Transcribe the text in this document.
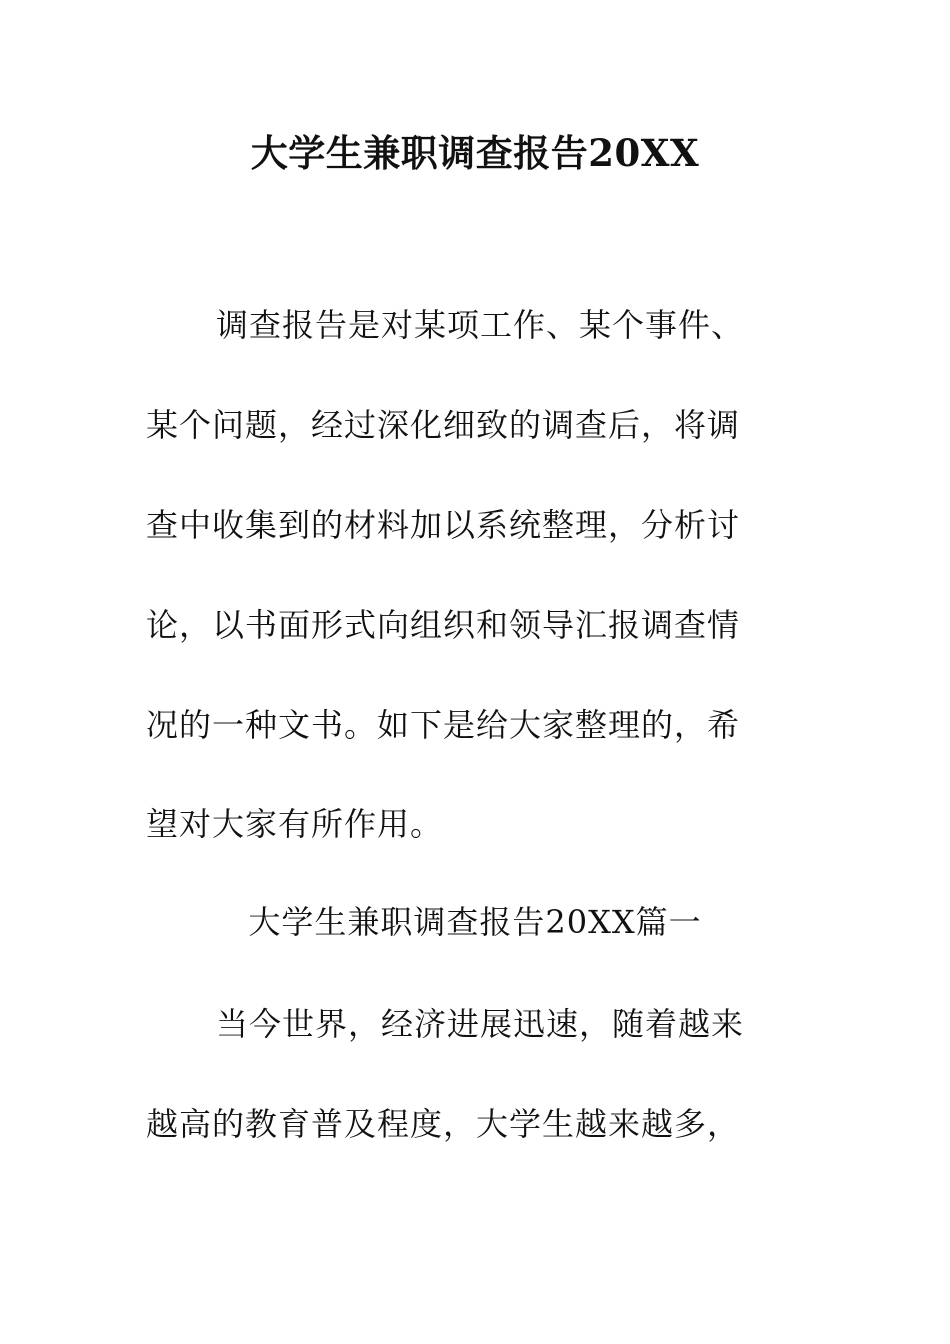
大学生兼职调查报告20XX

调查报告是对某项工作、某个事件、

某个问题，经过深化细致的调查后，将调

查中收集到的材料加以系统整理，分析讨

论，以书面形式向组织和领导汇报调查情

况的一种文书。如下是给大家整理的，希

望对大家有所作用。

大学生兼职调查报告20XX篇一

当今世界，经济进展迅速，随着越来

越高的教育普及程度，大学生越来越多，
